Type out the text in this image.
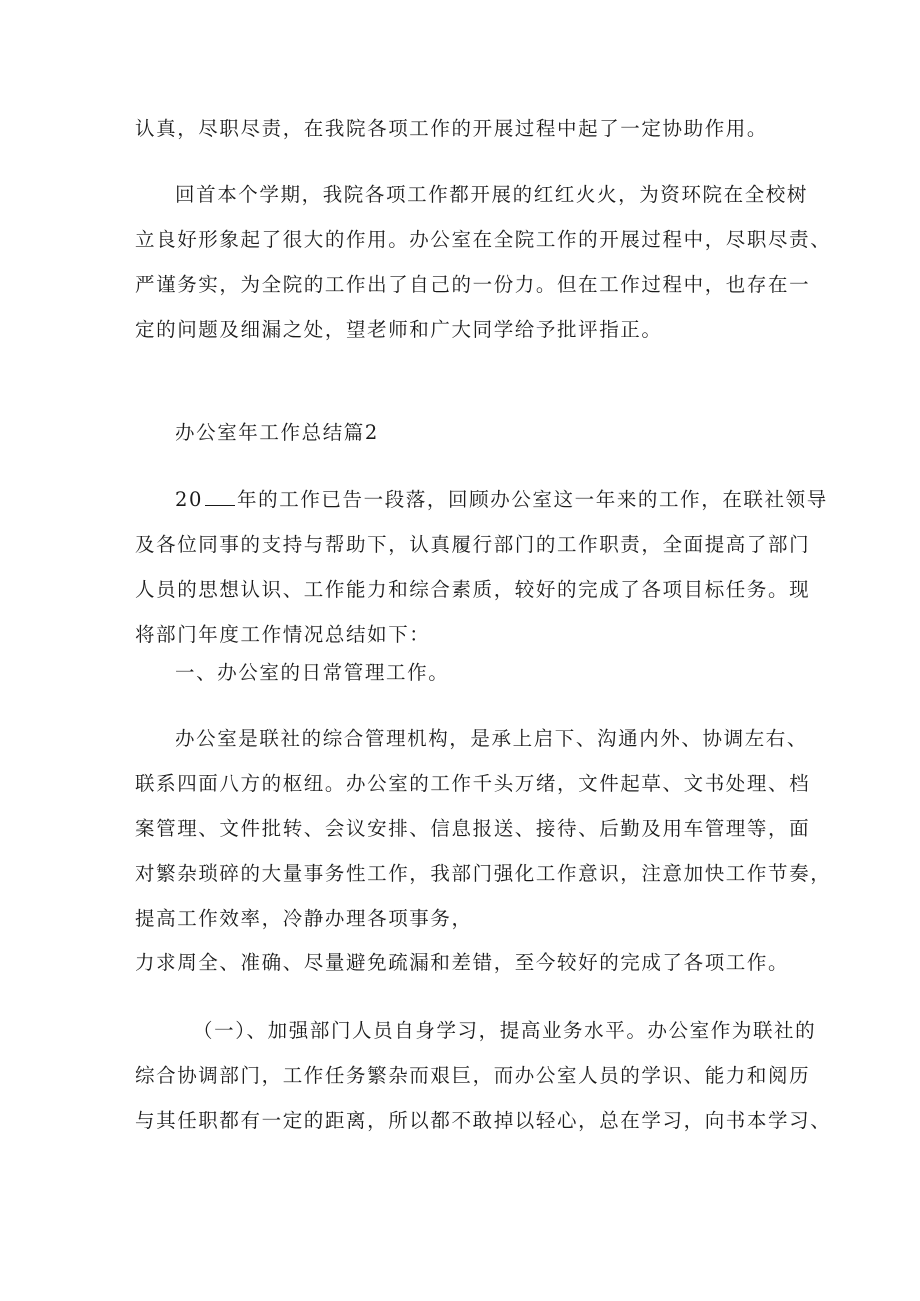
认真，尽职尽责，在我院各项工作的开展过程中起了一定协助作用。
回首本个学期，我院各项工作都开展的红红火火，为资环院在全校树
立良好形象起了很大的作用。办公室在全院工作的开展过程中，尽职尽责、
严谨务实，为全院的工作出了自己的一份力。但在工作过程中，也存在一
定的问题及细漏之处，望老师和广大同学给予批评指正。

办公室年工作总结篇2

20 年的工作已告一段落，回顾办公室这一年来的工作，在联社领导
及各位同事的支持与帮助下，认真履行部门的工作职责，全面提高了部门
人员的思想认识、工作能力和综合素质，较好的完成了各项目标任务。现
将部门年度工作情况总结如下：

一、办公室的日常管理工作。

办公室是联社的综合管理机构，是承上启下、沟通内外、协调左右、
联系四面八方的枢纽。办公室的工作千头万绪，文件起草、文书处理、档
案管理、文件批转、会议安排、信息报送、接待、后勤及用车管理等，面
对繁杂琐碎的大量事务性工作，我部门强化工作意识，注意加快工作节奏，
提高工作效率，冷静办理各项事务，
力求周全、准确、尽量避免疏漏和差错，至今较好的完成了各项工作。
（一）、加强部门人员自身学习，提高业务水平。办公室作为联社的
综合协调部门，工作任务繁杂而艰巨，而办公室人员的学识、能力和阅历
与其任职都有一定的距离，所以都不敢掉以轻心，总在学习，向书本学习、
